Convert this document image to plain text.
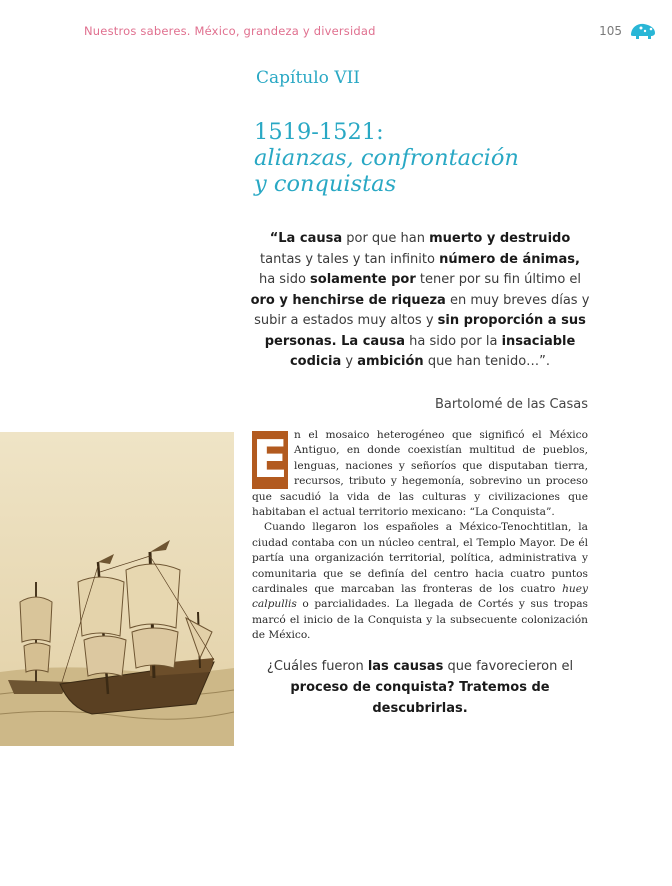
Nuestros saberes. México, grandeza y diversidad	105
Capítulo VII
1519-1521:
alianzas, confrontación
y conquistas
“La causa por que han muerto y destruido tantas y tales y tan infinito número de ánimas, ha sido solamente por tener por su fin último el oro y henchirse de riqueza en muy breves días y subir a estados muy altos y sin proporción a sus personas. La causa ha sido por la insaciable codicia y ambición que han tenido…”.
Bartolomé de las Casas

E n el mosaico heterogéneo que significó el México Antiguo, en donde coexistían multitud de pueblos, lenguas, naciones y señoríos que disputaban tierra, recursos, tributo y hegemonía, sobrevino un proceso que sacudió la vida de las culturas y civilizaciones que habitaban el actual territorio mexicano: “La Conquista”.

Cuando llegaron los españoles a México-Tenochtitlan, la ciudad contaba con un núcleo central, el Templo Mayor. De él partía una organización territorial, política, administrativa y comunitaria que se definía del centro hacia cuatro puntos cardinales que marcaban las fronteras de los cuatro huey calpullis o parcialidades. La llegada de Cortés y sus tropas marcó el inicio de la Conquista y la subsecuente colonización de México.

¿Cuáles fueron las causas que favorecieron el proceso de conquista? Tratemos de descubrirlas.
